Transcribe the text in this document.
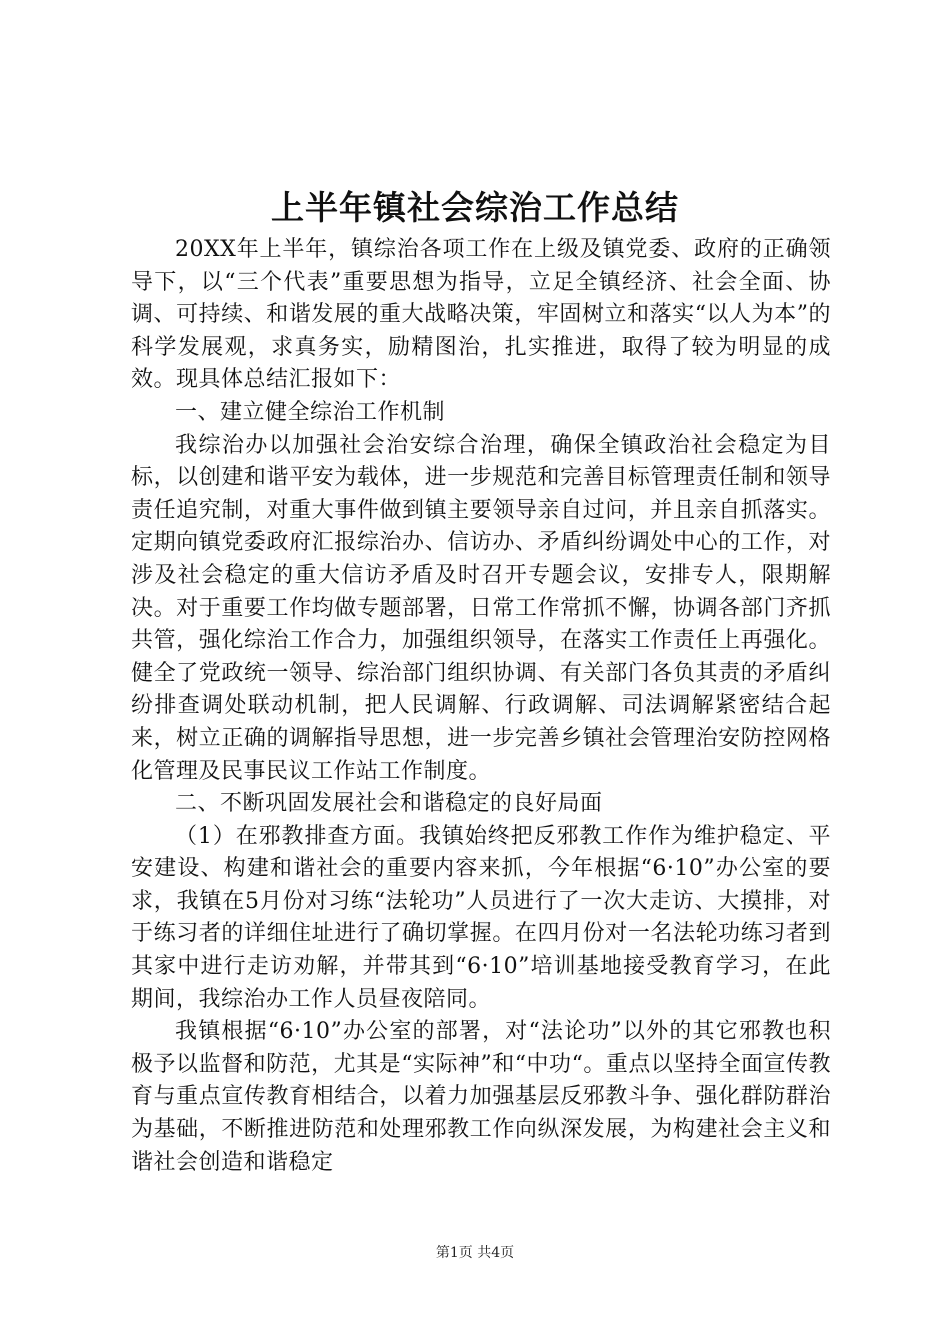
上半年镇社会综治工作总结

20XX年上半年，镇综治各项工作在上级及镇党委、政府的正确领导下，以“三个代表”重要思想为指导，立足全镇经济、社会全面、协调、可持续、和谐发展的重大战略决策，牢固树立和落实“以人为本”的科学发展观，求真务实，励精图治，扎实推进，取得了较为明显的成效。现具体总结汇报如下：

一、建立健全综治工作机制

我综治办以加强社会治安综合治理，确保全镇政治社会稳定为目标，以创建和谐平安为载体，进一步规范和完善目标管理责任制和领导责任追究制，对重大事件做到镇主要领导亲自过问，并且亲自抓落实。定期向镇党委政府汇报综治办、信访办、矛盾纠纷调处中心的工作，对涉及社会稳定的重大信访矛盾及时召开专题会议，安排专人，限期解决。对于重要工作均做专题部署，日常工作常抓不懈，协调各部门齐抓共管，强化综治工作合力，加强组织领导，在落实工作责任上再强化。健全了党政统一领导、综治部门组织协调、有关部门各负其责的矛盾纠纷排查调处联动机制，把人民调解、行政调解、司法调解紧密结合起来，树立正确的调解指导思想，进一步完善乡镇社会管理治安防控网格化管理及民事民议工作站工作制度。

二、不断巩固发展社会和谐稳定的良好局面

（1）在邪教排查方面。我镇始终把反邪教工作作为维护稳定、平安建设、构建和谐社会的重要内容来抓，今年根据“6·10”办公室的要求，我镇在5月份对习练“法轮功”人员进行了一次大走访、大摸排，对于练习者的详细住址进行了确切掌握。在四月份对一名法轮功练习者到其家中进行走访劝解，并带其到“6·10”培训基地接受教育学习，在此期间，我综治办工作人员昼夜陪同。

我镇根据“6·10”办公室的部署，对“法论功”以外的其它邪教也积极予以监督和防范，尤其是“实际神”和“中功“。重点以坚持全面宣传教育与重点宣传教育相结合，以着力加强基层反邪教斗争、强化群防群治为基础，不断推进防范和处理邪教工作向纵深发展，为构建社会主义和谐社会创造和谐稳定

第1页 共4页
